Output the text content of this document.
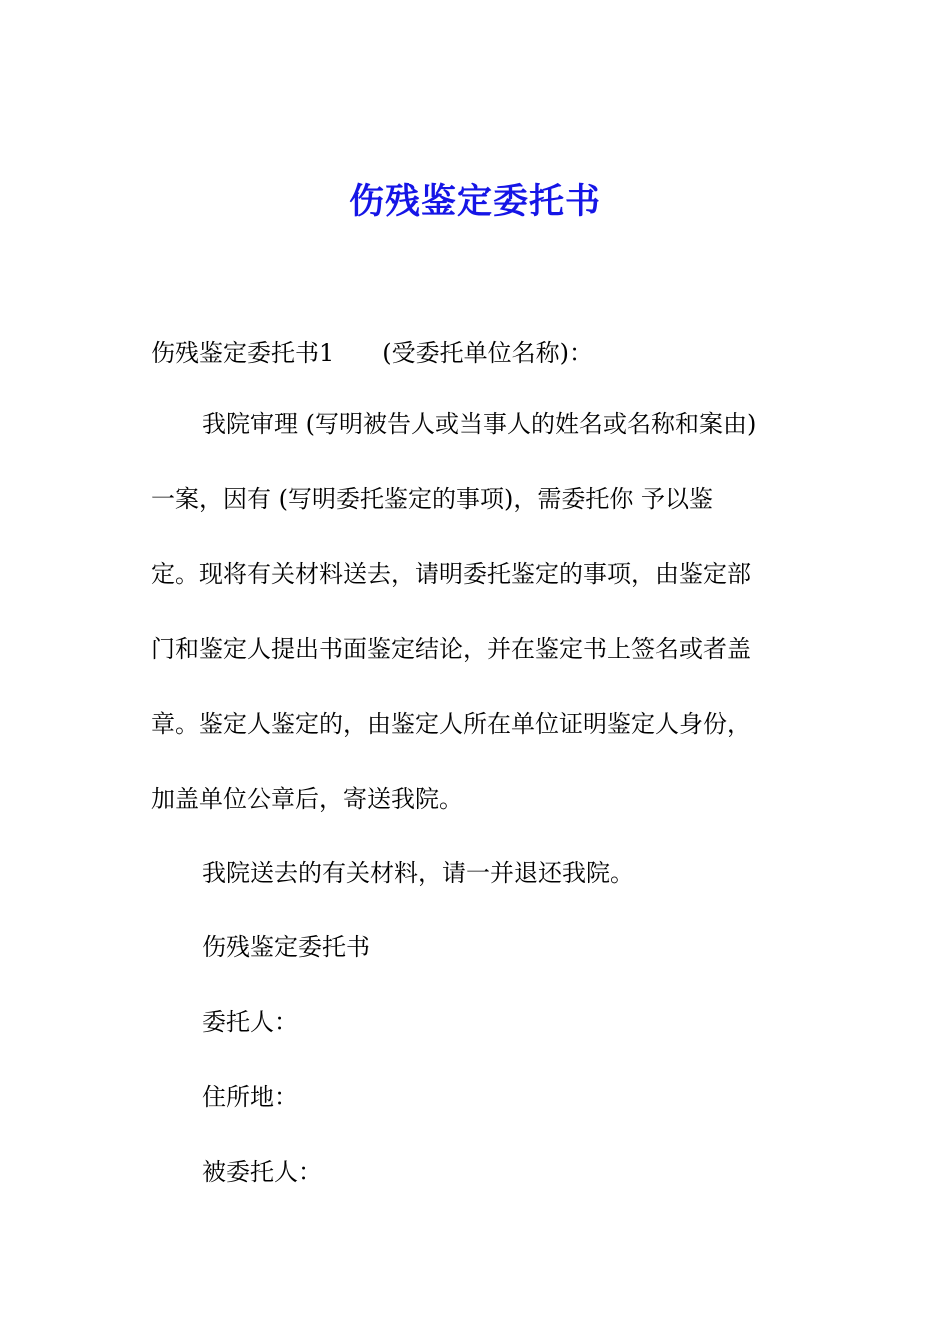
伤残鉴定委托书
伤残鉴定委托书1 (受委托单位名称)：
我院审理 (写明被告人或当事人的姓名或名称和案由)
一案，因有 (写明委托鉴定的事项)，需委托你 予以鉴
定。现将有关材料送去，请明委托鉴定的事项，由鉴定部
门和鉴定人提出书面鉴定结论，并在鉴定书上签名或者盖
章。鉴定人鉴定的，由鉴定人所在单位证明鉴定人身份，
加盖单位公章后，寄送我院。
我院送去的有关材料，请一并退还我院。
伤残鉴定委托书
委托人：
住所地：
被委托人：
